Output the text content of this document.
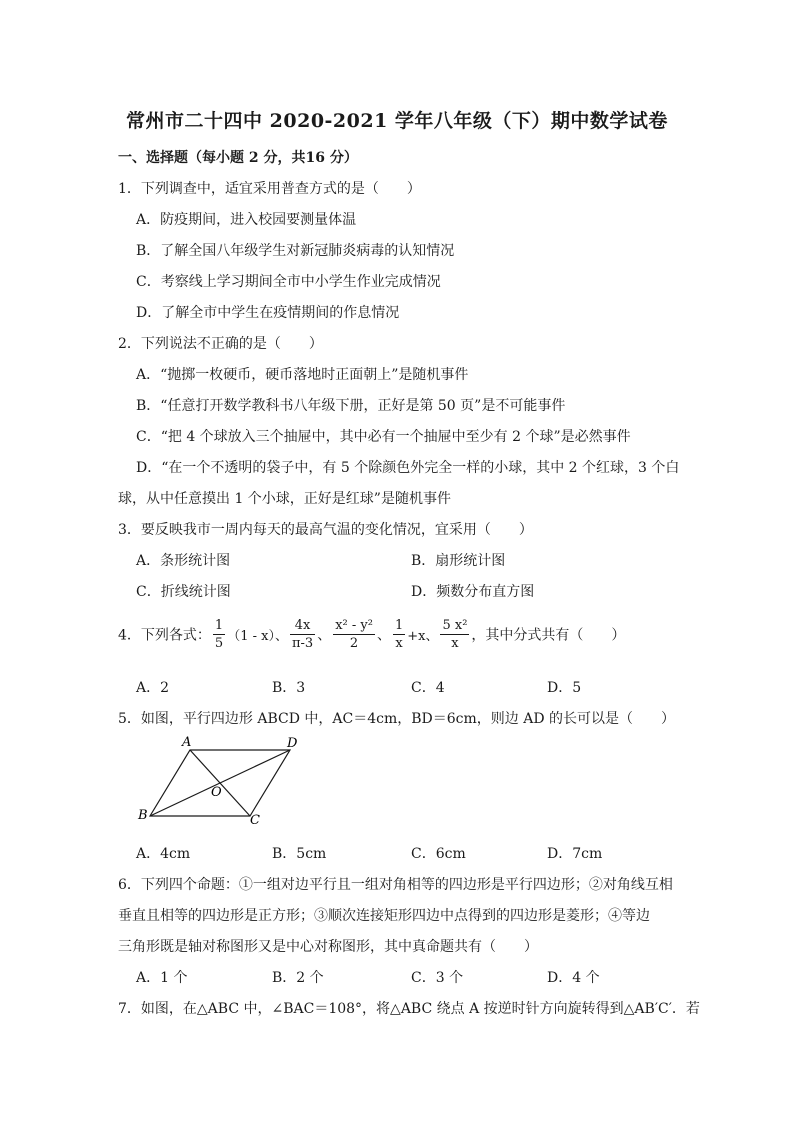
常州市二十四中 2020-2021 学年八年级（下）期中数学试卷
一、选择题（每小题 2 分，共16 分）
1．下列调查中，适宜采用普查方式的是（　　）
A．防疫期间，进入校园要测量体温
B．了解全国八年级学生对新冠肺炎病毒的认知情况
C．考察线上学习期间全市中小学生作业完成情况
D．了解全市中学生在疫情期间的作息情况
2．下列说法不正确的是（　　）
A．“抛掷一枚硬币，硬币落地时正面朝上”是随机事件
B．“任意打开数学教科书八年级下册，正好是第 50 页”是不可能事件
C．“把 4 个球放入三个抽屉中，其中必有一个抽屉中至少有 2 个球”是必然事件
D．“在一个不透明的袋子中，有 5 个除颜色外完全一样的小球，其中 2 个红球，3 个白
球，从中任意摸出 1 个小球，正好是红球”是随机事件
3．要反映我市一周内每天的最高气温的变化情况，宜采用（　　）
A．条形统计图	B．扇形统计图
C．折线统计图	D．频数分布直方图
4．下列各式： $\frac{1}{5} (1 - x)$、 $\frac{4x}{\pi-3}$ 、 $\frac{\text{x² - y²}}{2}$ 、 $\frac{1}{x} +x$、 $\frac{\text{5 x²}}{x}$ ，其中分式共有（　　）
A．2	B．3	C．4	D．5
5．如图，平行四边形 ABCD 中，AC＝4cm，BD＝6cm，则边 AD 的长可以是（　　）
A	D
O
B	C
A．4cm	B．5cm	C．6cm	D．7cm
6．下列四个命题：①一组对边平行且一组对角相等的四边形是平行四边形；②对角线互相
垂直且相等的四边形是正方形；③顺次连接矩形四边中点得到的四边形是菱形；④等边
三角形既是轴对称图形又是中心对称图形，其中真命题共有（　　）
A．1 个	B．2 个	C．3 个	D．4 个
7．如图，在△ABC 中，∠BAC＝108°，将△ABC 绕点 A 按逆时针方向旋转得到△AB′C′．若
